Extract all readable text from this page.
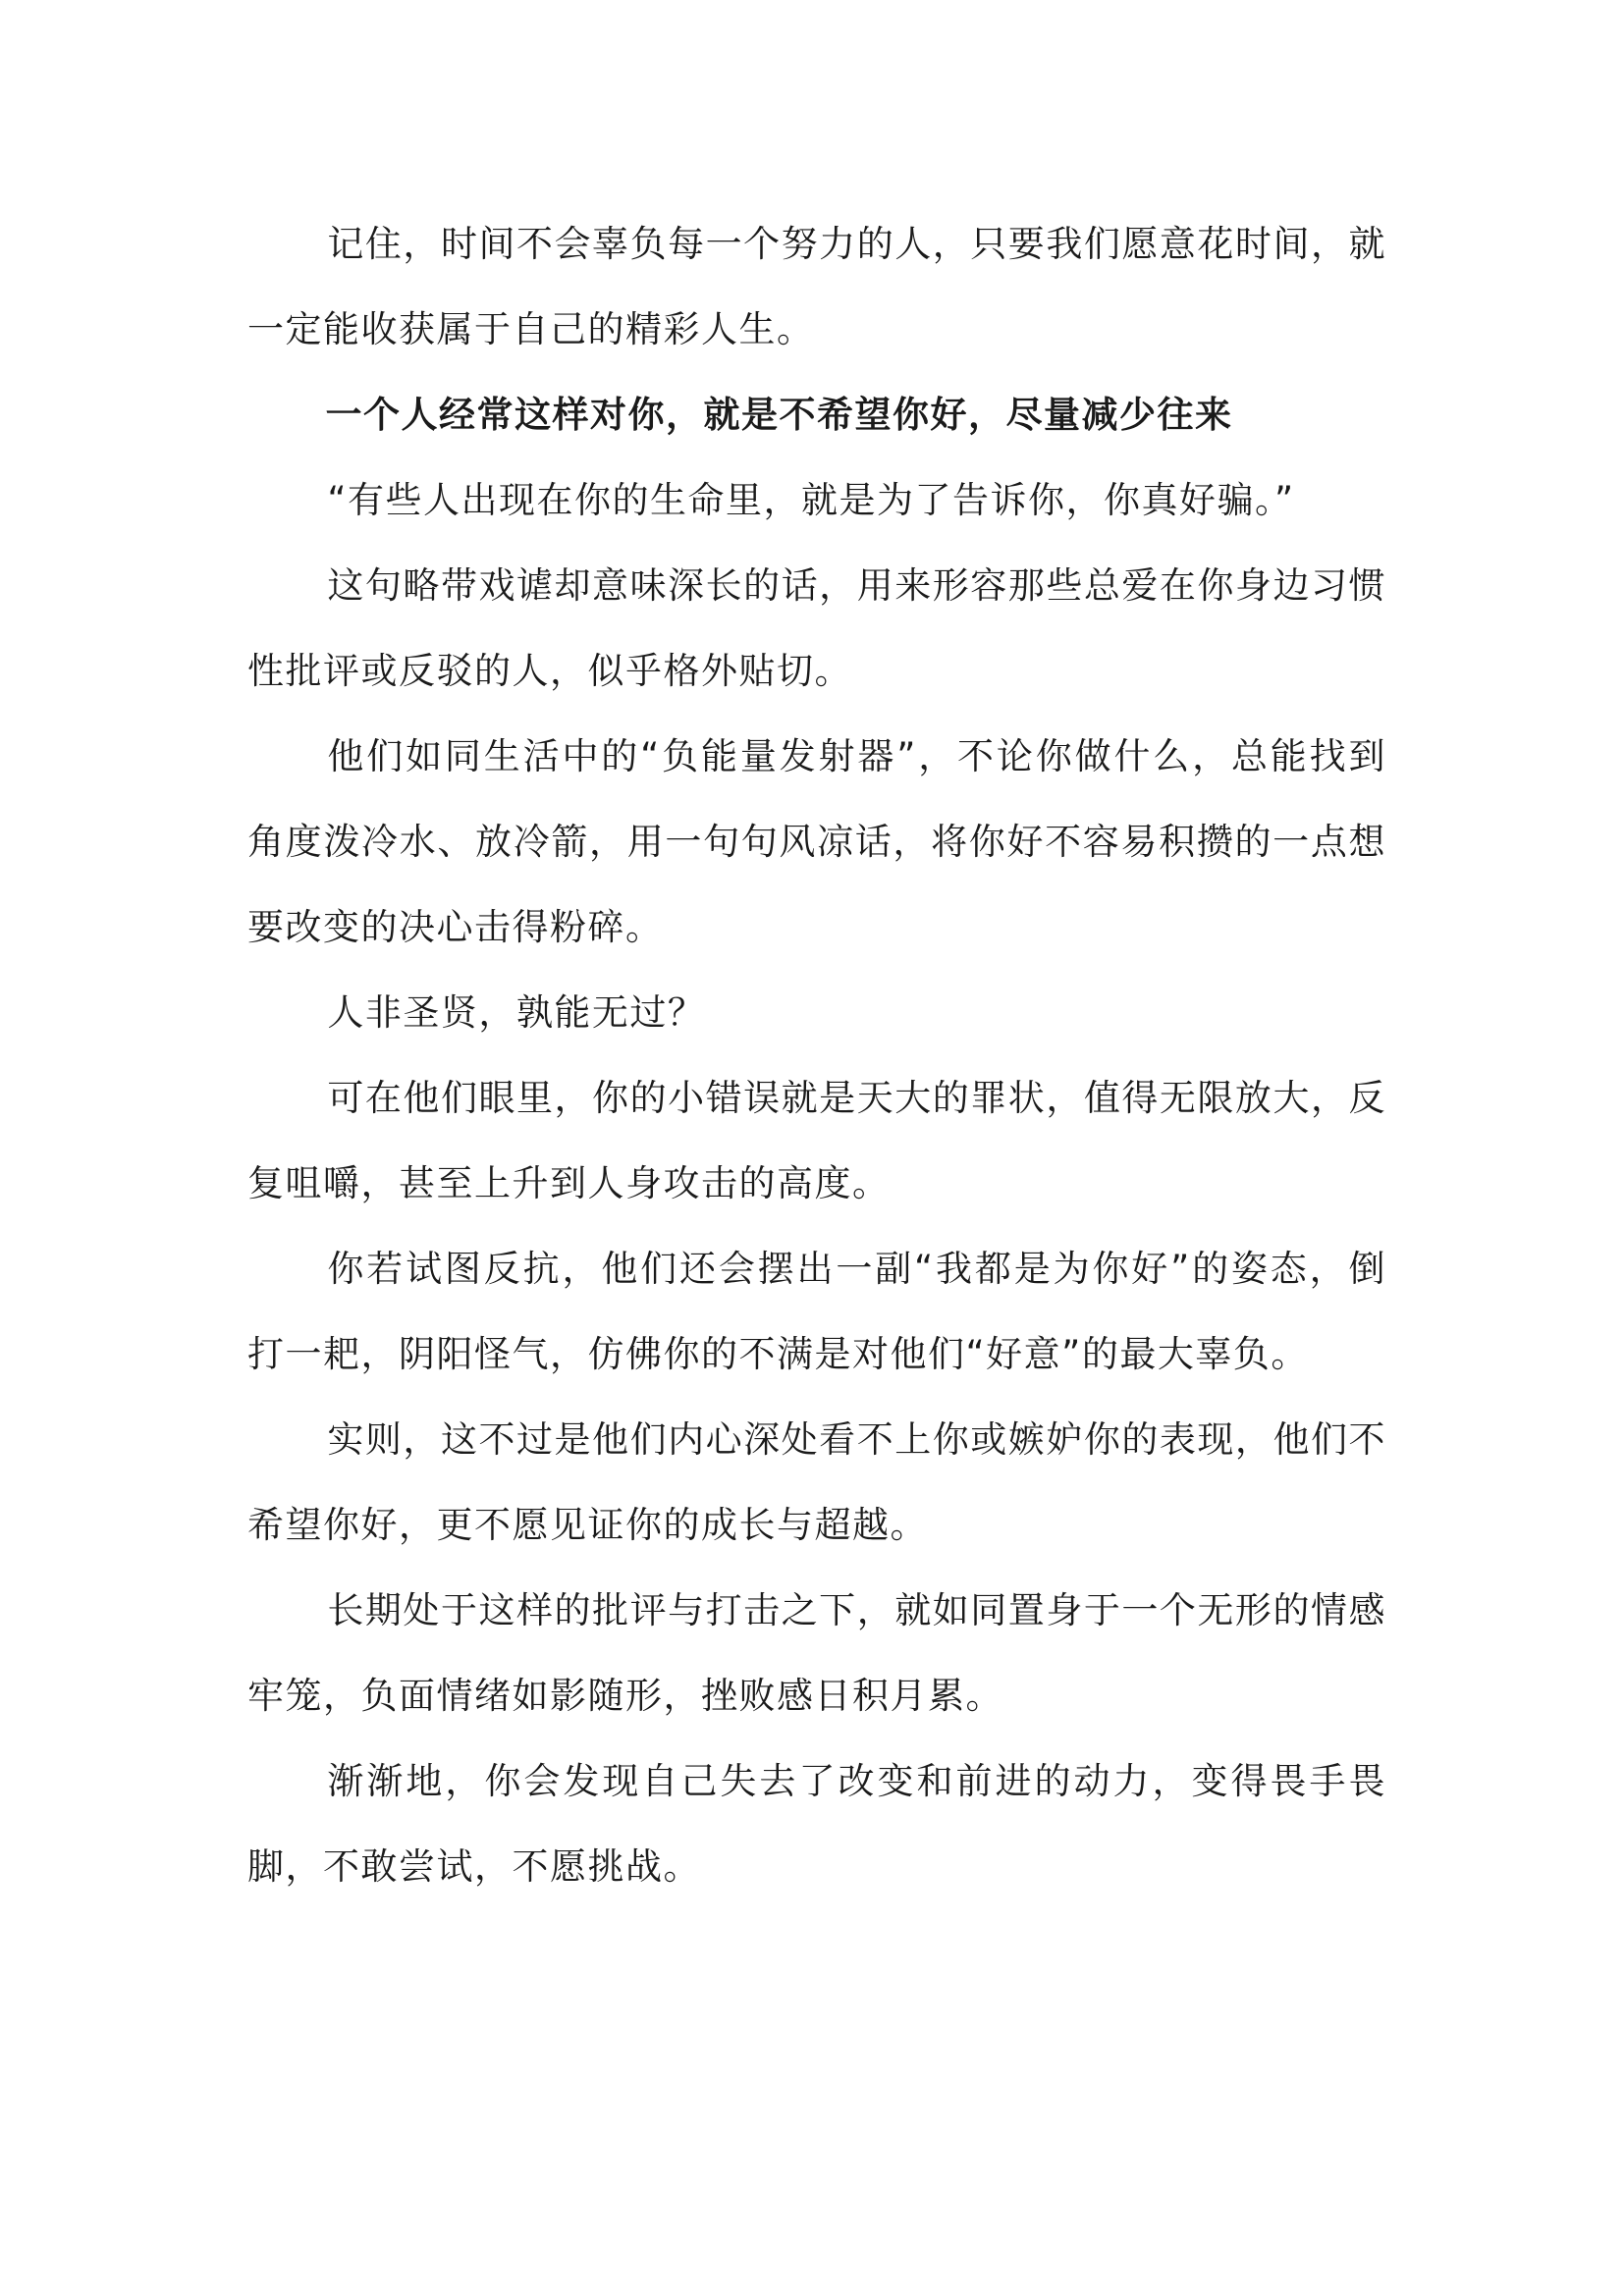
记住，时间不会辜负每一个努力的人，只要我们愿意花时间，就一定能收获属于自己的精彩人生。

一个人经常这样对你，就是不希望你好，尽量减少往来

“有些人出现在你的生命里，就是为了告诉你，你真好骗。”

这句略带戏谑却意味深长的话，用来形容那些总爱在你身边习惯性批评或反驳的人，似乎格外贴切。

他们如同生活中的“负能量发射器”，不论你做什么，总能找到角度泼冷水、放冷箭，用一句句风凉话，将你好不容易积攒的一点想要改变的决心击得粉碎。

人非圣贤，孰能无过？

可在他们眼里，你的小错误就是天大的罪状，值得无限放大，反复咀嚼，甚至上升到人身攻击的高度。

你若试图反抗，他们还会摆出一副“我都是为你好”的姿态，倒打一耙，阴阳怪气，仿佛你的不满是对他们“好意”的最大辜负。

实则，这不过是他们内心深处看不上你或嫉妒你的表现，他们不希望你好，更不愿见证你的成长与超越。

长期处于这样的批评与打击之下，就如同置身于一个无形的情感牢笼，负面情绪如影随形，挫败感日积月累。

渐渐地，你会发现自己失去了改变和前进的动力，变得畏手畏脚，不敢尝试，不愿挑战。
